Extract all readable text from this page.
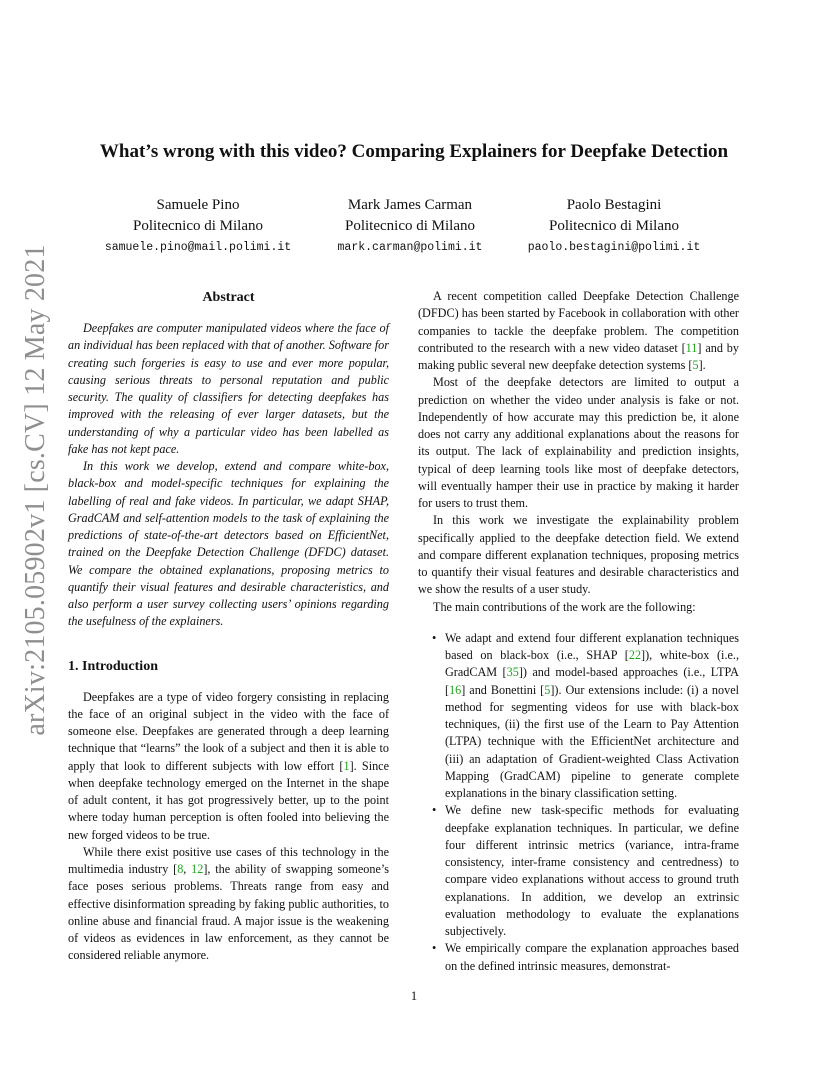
arXiv:2105.05902v1 [cs.CV] 12 May 2021
What’s wrong with this video? Comparing Explainers for Deepfake Detection
Samuele Pino
Politecnico di Milano
samuele.pino@mail.polimi.it
Mark James Carman
Politecnico di Milano
mark.carman@polimi.it
Paolo Bestagini
Politecnico di Milano
paolo.bestagini@polimi.it
Abstract

Deepfakes are computer manipulated videos where the face of an individual has been replaced with that of another. Software for creating such forgeries is easy to use and ever more popular, causing serious threats to personal reputation and public security. The quality of classifiers for detecting deepfakes has improved with the releasing of ever larger datasets, but the understanding of why a particular video has been labelled as fake has not kept pace.

In this work we develop, extend and compare white-box, black-box and model-specific techniques for explaining the labelling of real and fake videos. In particular, we adapt SHAP, GradCAM and self-attention models to the task of explaining the predictions of state-of-the-art detectors based on EfficientNet, trained on the Deepfake Detection Challenge (DFDC) dataset. We compare the obtained explanations, proposing metrics to quantify their visual features and desirable characteristics, and also perform a user survey collecting users’ opinions regarding the usefulness of the explainers.

1. Introduction

Deepfakes are a type of video forgery consisting in replacing the face of an original subject in the video with the face of someone else. Deepfakes are generated through a deep learning technique that “learns” the look of a subject and then it is able to apply that look to different subjects with low effort [1]. Since when deepfake technology emerged on the Internet in the shape of adult content, it has got progressively better, up to the point where today human perception is often fooled into believing the new forged videos to be true.

While there exist positive use cases of this technology in the multimedia industry [8, 12], the ability of swapping someone’s face poses serious problems. Threats range from easy and effective disinformation spreading by faking public authorities, to online abuse and financial fraud. A major issue is the weakening of videos as evidences in law enforcement, as they cannot be considered reliable anymore.

A recent competition called Deepfake Detection Challenge (DFDC) has been started by Facebook in collaboration with other companies to tackle the deepfake problem. The competition contributed to the research with a new video dataset [11] and by making public several new deepfake detection systems [5].

Most of the deepfake detectors are limited to output a prediction on whether the video under analysis is fake or not. Independently of how accurate may this prediction be, it alone does not carry any additional explanations about the reasons for its output. The lack of explainability and prediction insights, typical of deep learning tools like most of deepfake detectors, will eventually hamper their use in practice by making it harder for users to trust them.

In this work we investigate the explainability problem specifically applied to the deepfake detection field. We extend and compare different explanation techniques, proposing metrics to quantify their visual features and desirable characteristics and we show the results of a user study.

The main contributions of the work are the following:

• We adapt and extend four different explanation techniques based on black-box (i.e., SHAP [22]), white-box (i.e., GradCAM [35]) and model-based approaches (i.e., LTPA [16] and Bonettini [5]). Our extensions include: (i) a novel method for segmenting videos for use with black-box techniques, (ii) the first use of the Learn to Pay Attention (LTPA) technique with the EfficientNet architecture and (iii) an adaptation of Gradient-weighted Class Activation Mapping (GradCAM) pipeline to generate complete explanations in the binary classification setting.
• We define new task-specific methods for evaluating deepfake explanation techniques. In particular, we define four different intrinsic metrics (variance, intra-frame consistency, inter-frame consistency and centredness) to compare video explanations without access to ground truth explanations. In addition, we develop an extrinsic evaluation methodology to evaluate the explanations subjectively.
• We empirically compare the explanation approaches based on the defined intrinsic measures, demonstrat-
1
